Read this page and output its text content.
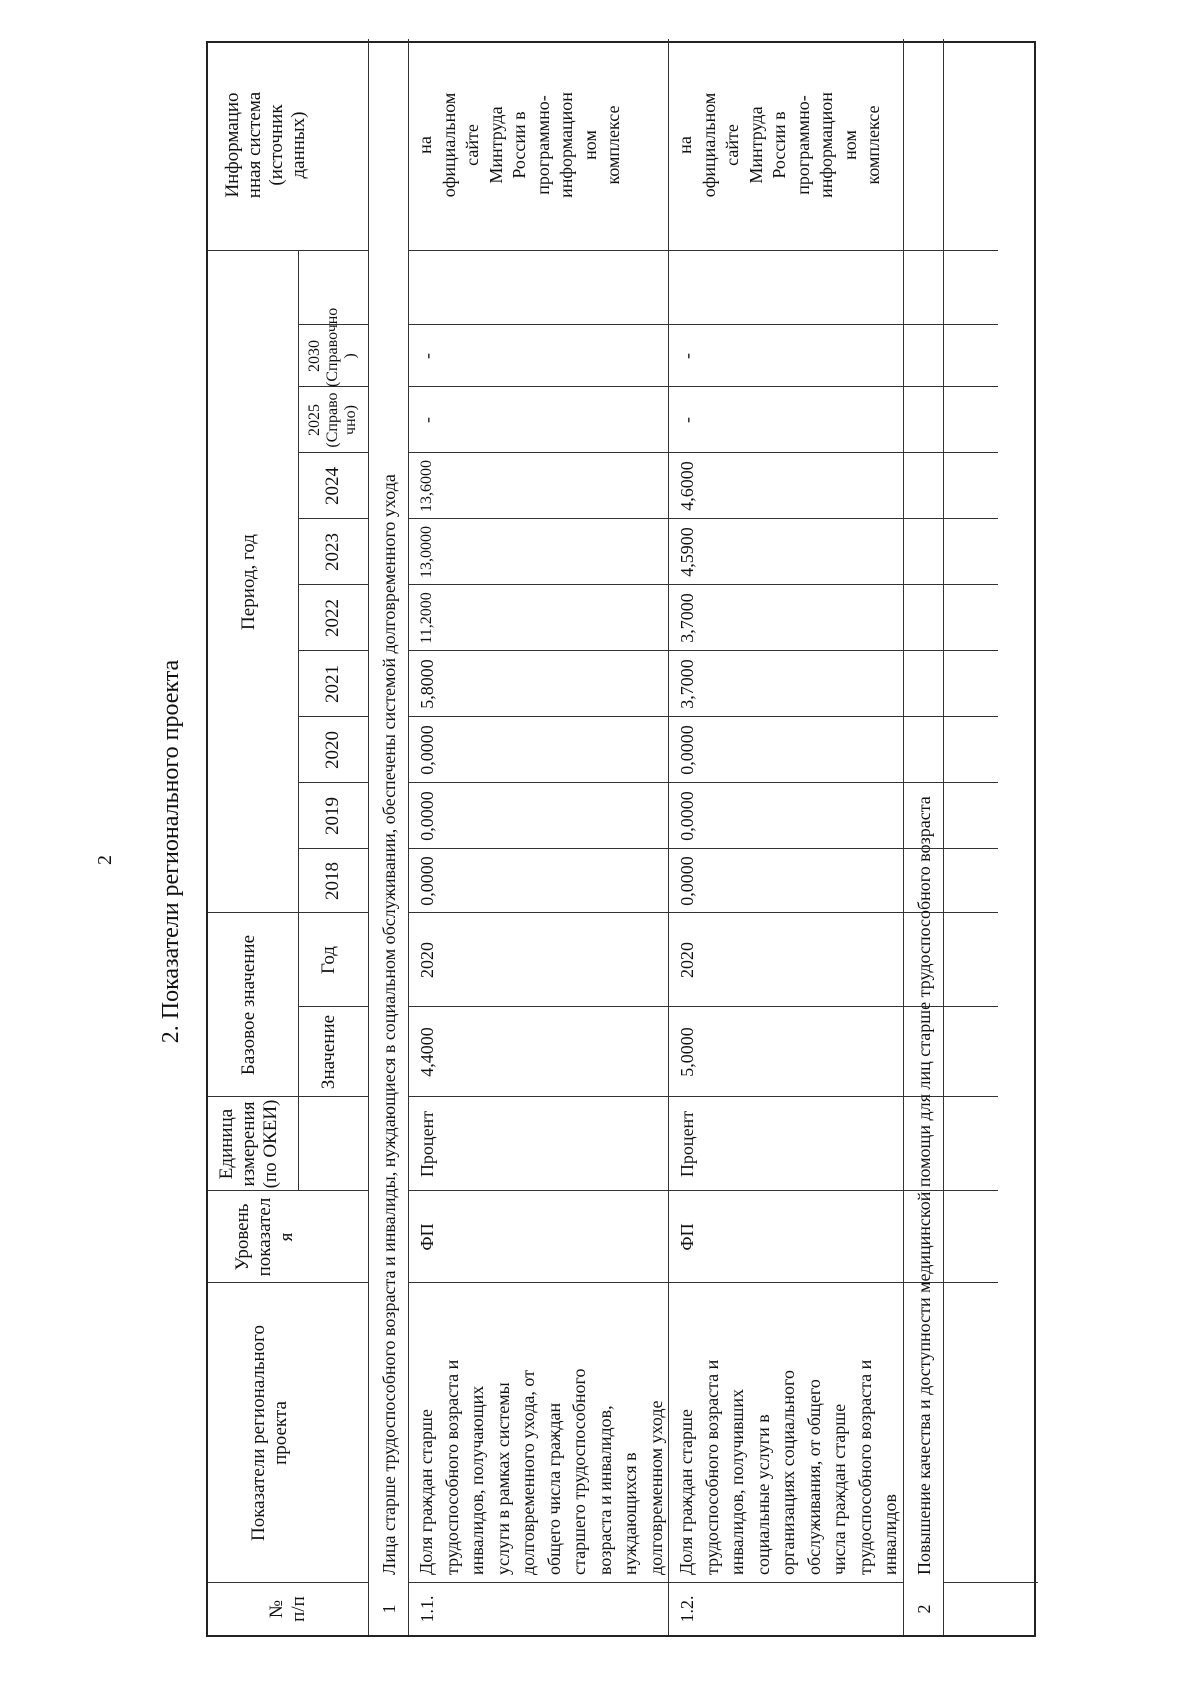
2 2. Показатели регионального проекта
№
п/п
Показатели регионального
проекта
Уровень
показател
я
Единица
измерения
(по ОКЕИ)
Базовое значение	Значение
Год
Период, год
2018
2019
2020
2021
2022
2023
2024
2025
(Справо
чно)
2030
(Справочно
)
Информацио
нная система
(источник
данных)
1
Лица старше трудоспособного возраста и инвалиды, нуждающиеся в социальном обслуживании, обеспечены системой долговременного ухода
1.1.
Доля граждан старше
трудоспособного возраста и
инвалидов, получающих
услуги в рамках системы
долговременного ухода, от
общего числа граждан
старшего трудоспособного
возраста и инвалидов,
нуждающихся в
долговременном уходе
ФП
Процент
4,4000
2020
0,0000
0,0000
0,0000
5,8000
11,2000
13,0000
13,6000
-
-
на
официальном
сайте
Минтруда
России в
программно-
информацион
ном
комплексе
1.2.
Доля граждан старше
трудоспособного возраста и
инвалидов, получивших
социальные услуги в
организациях социального
обслуживания, от общего
числа граждан старше
трудоспособного возраста и
инвалидов
ФП
Процент
5,0000
2020
0,0000
0,0000
0,0000
3,7000
3,7000
4,5900
4,6000
-
-
на
официальном
сайте
Минтруда
России в
программно-
информацион
ном
комплексе
2
Повышение качества и доступности медицинской помощи для лиц старше трудоспособного возраста
